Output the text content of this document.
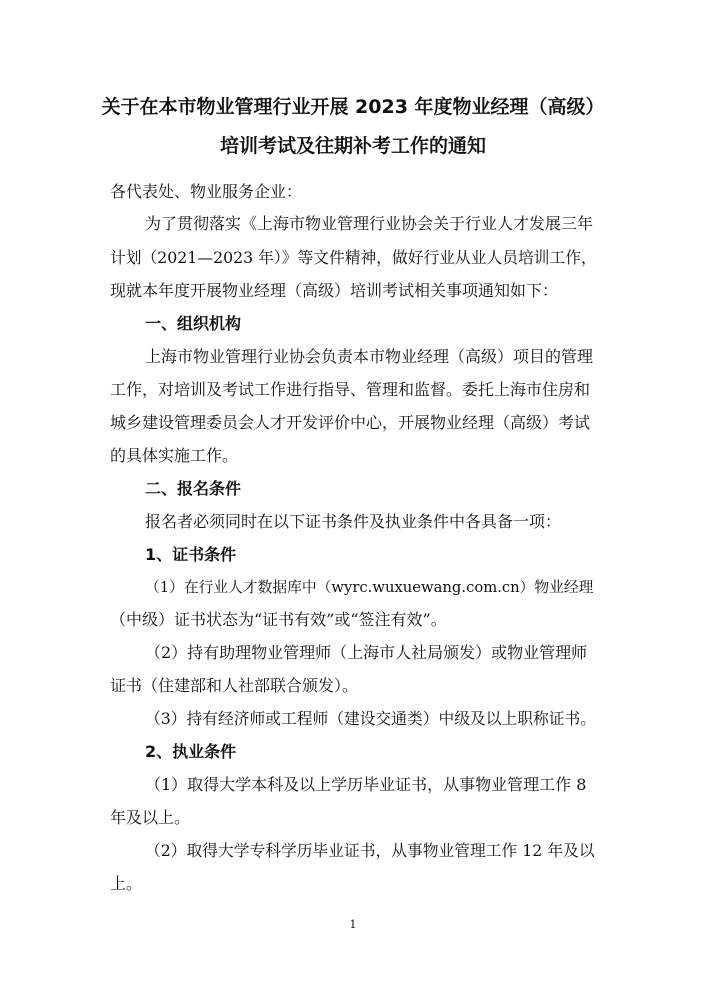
关于在本市物业管理行业开展 2023 年度物业经理（高级）
培训考试及往期补考工作的通知
各代表处、物业服务企业：
为了贯彻落实《上海市物业管理行业协会关于行业人才发展三年
计划（2021—2023 年）》等文件精神，做好行业从业人员培训工作，
现就本年度开展物业经理（高级）培训考试相关事项通知如下：
一、组织机构
上海市物业管理行业协会负责本市物业经理（高级）项目的管理
工作，对培训及考试工作进行指导、管理和监督。委托上海市住房和
城乡建设管理委员会人才开发评价中心，开展物业经理（高级）考试
的具体实施工作。
二、报名条件
报名者必须同时在以下证书条件及执业条件中各具备一项：
1、证书条件
（1）在行业人才数据库中（wyrc.wuxuewang.com.cn）物业经理
（中级）证书状态为“证书有效”或“签注有效”。
（2）持有助理物业管理师（上海市人社局颁发）或物业管理师
证书（住建部和人社部联合颁发）。
（3）持有经济师或工程师（建设交通类）中级及以上职称证书。
2、执业条件
（1）取得大学本科及以上学历毕业证书，从事物业管理工作 8
年及以上。
（2）取得大学专科学历毕业证书，从事物业管理工作 12 年及以
上。
1
